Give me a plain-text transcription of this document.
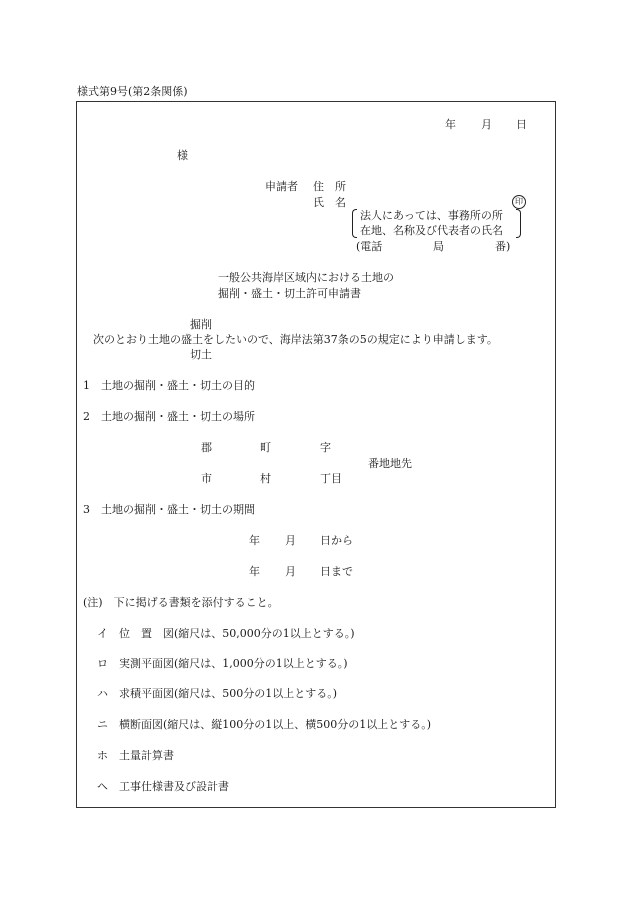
様式第9号(第2条関係)
年 月 日
様
申請者 住　所
氏　名	印
法人にあっては、事務所の所
在地、名称及び代表者の氏名
(電話	局	番)
一般公共海岸区域内における土地の
掘削・盛土・切土許可申請書
掘削
次のとおり土地の盛土をしたいので、海岸法第37条の5の規定により申請します。
切土
1　土地の掘削・盛土・切土の目的
2　土地の掘削・盛土・切土の場所
郡	町	字
番地地先
市	村	丁目
3　土地の掘削・盛土・切土の期間
年 月 日から
年 月 日まで
(注)　下に掲げる書類を添付すること。
イ　位　置　図(縮尺は、50,000分の1以上とする。)
ロ　実測平面図(縮尺は、1,000分の1以上とする。)
ハ　求積平面図(縮尺は、500分の1以上とする。)
ニ　横断面図(縮尺は、縦100分の1以上、横500分の1以上とする。)
ホ　土量計算書
ヘ　工事仕様書及び設計書
